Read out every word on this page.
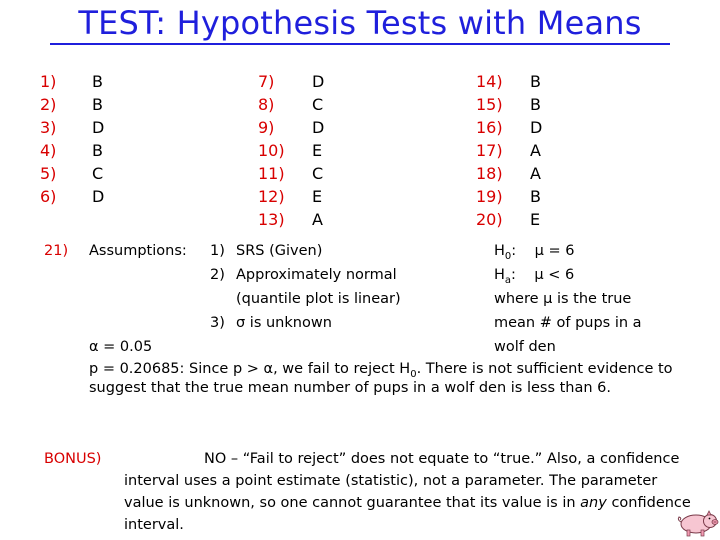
TEST: Hypothesis Tests with Means
1) B
2) B
3) D
4) B
5) C
6) D
7) D
8) C
9) D
10) E
11) C
12) E
13) A
14) B
15) B
16) D
17) A
18) A
19) B
20) E
21) Assumptions: 1) SRS (Given)
2) Approximately normal
(quantile plot is linear)
3) σ is unknown
$H_0$:    μ = 6
$H_a$:    μ < 6
where μ is the true
mean # of pups in a
wolf den
α = 0.05
p = 0.20685: Since p > α, we fail to reject $H_0$. There is not sufficient evidence to suggest that the true mean number of pups in a wolf den is less than 6.
BONUS)	NO – “Fail to reject” does not equate to “true.” Also, a confidence interval uses a point estimate (statistic), not a parameter. The parameter value is unknown, so one cannot guarantee that its value is in any confidence interval.
